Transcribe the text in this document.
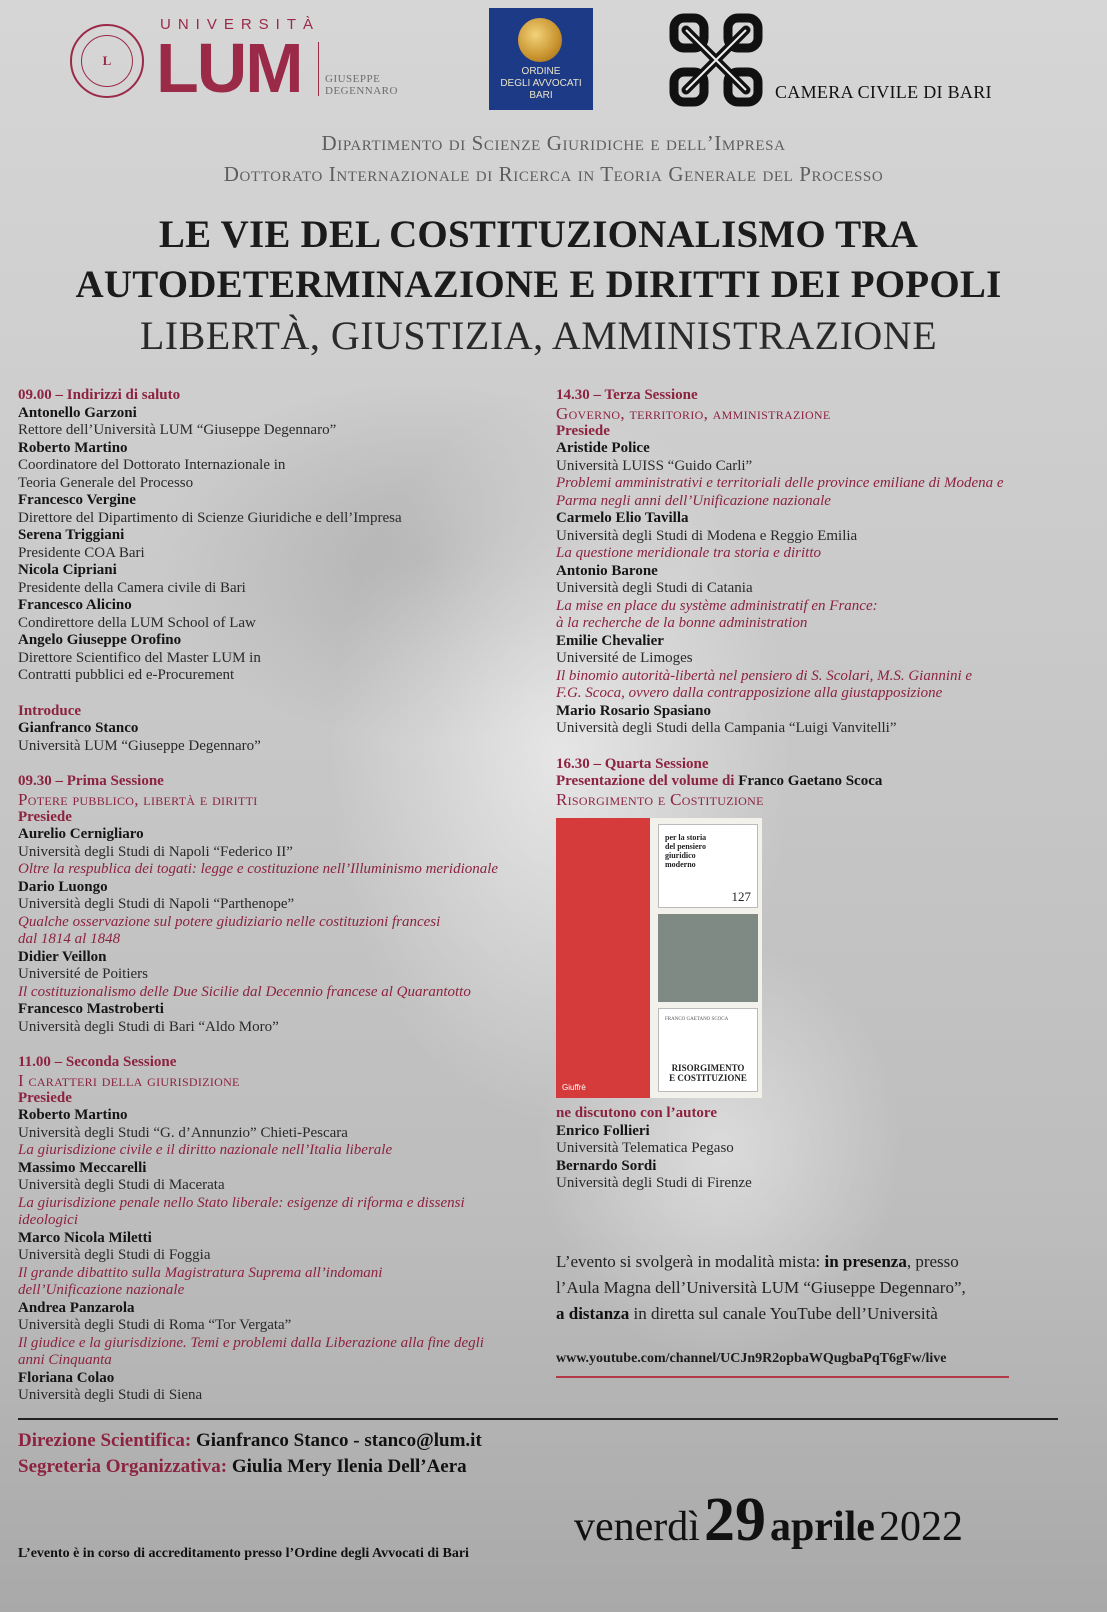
L
UNIVERSITÀ
LUM GIUSEPPE
DEGENNARO
ORDINE
DEGLI AVVOCATI
BARI	CAMERA CIVILE DI BARI
Dipartimento di Scienze Giuridiche e dell’Impresa
Dottorato Internazionale di Ricerca in Teoria Generale del Processo
LE VIE DEL COSTITUZIONALISMO TRA
AUTODETERMINAZIONE E DIRITTI DEI POPOLI
LIBERTÀ, GIUSTIZIA, AMMINISTRAZIONE

09.00 – Indirizzi di saluto

Antonello Garzoni

Rettore dell’Università LUM “Giuseppe Degennaro”

Roberto Martino

Coordinatore del Dottorato Internazionale in

Teoria Generale del Processo

Francesco Vergine

Direttore del Dipartimento di Scienze Giuridiche e dell’Impresa

Serena Triggiani

Presidente COA Bari

Nicola Cipriani

Presidente della Camera civile di Bari

Francesco Alicino

Condirettore della LUM School of Law

Angelo Giuseppe Orofino

Direttore Scientifico del Master LUM in

Contratti pubblici ed e-Procurement

Introduce

Gianfranco Stanco

Università LUM “Giuseppe Degennaro”

09.30 – Prima Sessione

Potere pubblico, libertà e diritti

Presiede

Aurelio Cernigliaro

Università degli Studi di Napoli “Federico II”

Oltre la respublica dei togati: legge e costituzione nell’Illuminismo meridionale

Dario Luongo

Università degli Studi di Napoli “Parthenope”

Qualche osservazione sul potere giudiziario nelle costituzioni francesi

dal 1814 al 1848

Didier Veillon

Université de Poitiers

Il costituzionalismo delle Due Sicilie dal Decennio francese al Quarantotto

Francesco Mastroberti

Università degli Studi di Bari “Aldo Moro”

11.00 – Seconda Sessione

I caratteri della giurisdizione

Presiede

Roberto Martino

Università degli Studi “G. d’Annunzio” Chieti-Pescara

La giurisdizione civile e il diritto nazionale nell’Italia liberale

Massimo Meccarelli

Università degli Studi di Macerata

La giurisdizione penale nello Stato liberale: esigenze di riforma e dissensi

ideologici

Marco Nicola Miletti

Università degli Studi di Foggia

Il grande dibattito sulla Magistratura Suprema all’indomani

dell’Unificazione nazionale

Andrea Panzarola

Università degli Studi di Roma “Tor Vergata”

Il giudice e la giurisdizione. Temi e problemi dalla Liberazione alla fine degli

anni Cinquanta

Floriana Colao

Università degli Studi di Siena

14.30 – Terza Sessione

Governo, territorio, amministrazione

Presiede

Aristide Police

Università LUISS “Guido Carli”

Problemi amministrativi e territoriali delle province emiliane di Modena e

Parma negli anni dell’Unificazione nazionale

Carmelo Elio Tavilla

Università degli Studi di Modena e Reggio Emilia

La questione meridionale tra storia e diritto

Antonio Barone

Università degli Studi di Catania

La mise en place du système administratif en France:

à la recherche de la bonne administration

Emilie Chevalier

Université de Limoges

Il binomio autorità-libertà nel pensiero di S. Scolari, M.S. Giannini e

F.G. Scoca, ovvero dalla contrapposizione alla giustapposizione

Mario Rosario Spasiano

Università degli Studi della Campania “Luigi Vanvitelli”

16.30 – Quarta Sessione

Presentazione del volume di Franco Gaetano Scoca

Risorgimento e Costituzione

Giuffrè
per la storia
del pensiero
giuridico
moderno
127
FRANCO GAETANO SCOCA
RISORGIMENTO
E COSTITUZIONE

ne discutono con l’autore

Enrico Follieri

Università Telematica Pegaso

Bernardo Sordi

Università degli Studi di Firenze

L’evento si svolgerà in modalità mista: in presenza, presso
l’Aula Magna dell’Università LUM “Giuseppe Degennaro”,
a distanza in diretta sul canale YouTube dell’Università
www.youtube.com/channel/UCJn9R2opbaWQugbaPqT6gFw/live
Direzione Scientifica: Gianfranco Stanco - stanco@lum.it
Segreteria Organizzativa: Giulia Mery Ilenia Dell’Aera
venerdì 29 aprile 2022
L’evento è in corso di accreditamento presso l’Ordine degli Avvocati di Bari
